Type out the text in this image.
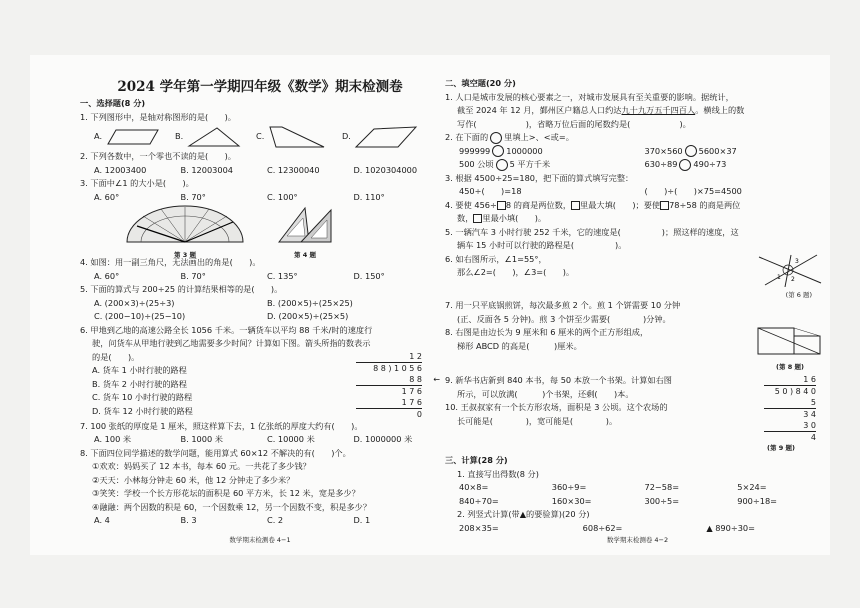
2024 学年第一学期四年级《数学》期末检测卷
一、选择题(8 分)
1. 下列图形中，是轴对称图形的是(　　)。
A.	B.	C.	D.
2. 下列各数中，一个零也不读的是(　　)。
A. 12003400	B. 12003004	C. 12300040	D. 1020304000
3. 下面中∠1 的大小是(　　)。
A. 60°	B. 70°	C. 100°	D. 110°
第 3 题	第 4 题
4. 如图：用一副三角尺，无法画出的角是(　　)。
A. 60°	B. 70°	C. 135°	D. 150°
5. 下面的算式与 200÷25 的计算结果相等的是(　　)。
A. (200×3)÷(25÷3)	B. (200×5)÷(25×25)
C. (200−10)÷(25−10)	D. (200×5)÷(25×5)
6. 甲地到乙地的高速公路全长 1056 千米。一辆货车以平均 88 千米/时的速度行
驶，问货车从甲地行驶到乙地需要多少时间？计算如下图。箭头所指的数表示
的是(　　)。
A. 货车 1 小时行驶的路程
B. 货车 2 小时行驶的路程
C. 货车 10 小时行驶的路程
D. 货车 12 小时行驶的路程
1 2
8 8 ) 1 0 5 6
8 8 ←
1 7 6
1 7 6
0
7. 100 张纸的厚度是 1 厘米，照这样算下去，1 亿张纸的厚度大约有(　　)。
A. 100 米	B. 1000 米	C. 10000 米	D. 1000000 米
8. 下面四位同学描述的数学问题，能用算式 60×12 不解决的有(　　)个。
①欢欢：妈妈买了 12 本书，每本 60 元。一共花了多少钱？
②天天：小林每分钟走 60 米，他 12 分钟走了多少米？
③笑笑：学校一个长方形花坛的面积是 60 平方米，长 12 米，宽是多少？
④融融：两个因数的积是 60，一个因数乘 12，另一个因数不变，积是多少？
A. 4	B. 3	C. 2	D. 1
数学期末检测卷 4−1
二、填空题(20 分)
1. 人口是城市发展的核心要素之一，对城市发展具有至关重要的影响。据统计，
截至 2024 年 12 月，鄞州区户籍总人口约达九十九万五千四百人。横线上的数
写作(　　　　　　)，省略万位后面的尾数约是(　　　　　　)。
2. 在下面的 里填上>、<或=。
999999 1000000	370×560 5600×37
500 公顷 5 平方千米	630÷89 490÷73
3. 根据 4500÷25=180，把下面的算式填写完整：
450÷(　　)=18	(　　)÷(　　)×75=4500
4. 要使 456÷ 8 的商是两位数， 里最大填(　　)；要使 78÷58 的商是两位
数， 里最小填(　　)。
5. 一辆汽车 3 小时行驶 252 千米，它的速度是(　　　　　)；照这样的速度，这
辆车 15 小时可以行驶的路程是(　　　　　)。
6. 如右图所示，∠1=55°，
那么∠2=(　　)，∠3=(　　)。
3
1 2
(第 6 题)
7. 用一只平底锅煎饼，每次最多煎 2 个。煎 1 个饼需要 10 分钟
(正、反面各 5 分钟)。煎 3 个饼至少需要(　　　　)分钟。
8. 右图是由边长为 9 厘米和 6 厘米的两个正方形组成，
梯形 ABCD 的高是(　　　)厘米。
(第 8 题)
9. 新华书店新到 840 本书，每 50 本放一个书架。计算如右图
所示，可以放满(　　　)个书架，还剩(　　)本。
10. 王叔叔家有一个长方形农场，面积是 3 公顷。这个农场的
长可能是(　　　　)，宽可能是(　　　　)。
1 6
5 0 ) 8 4 0
5
3 4
3 0
4
(第 9 题)
三、计算(28 分)
1. 直接写出得数(8 分)
40×8=	360÷9=	72−58=	5×24=
840÷70=	160×30=	300÷5=	900÷18=
2. 列竖式计算(带▲的要验算)(20 分)
208×35=	608÷62=	▲ 890÷30=
数学期末检测卷 4−2
